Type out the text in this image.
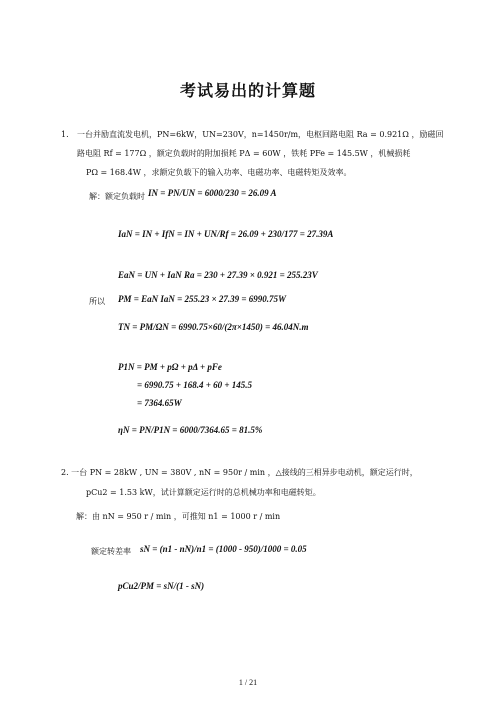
考试易出的计算题
1. 一台并励直流发电机，PN=6kW，UN=230V，n=1450r/m，电枢回路电阻 Ra = 0.921Ω ，励磁回
路电阻 Rf = 177Ω ，额定负载时的附加损耗 PΔ = 60W ，铁耗 PFe = 145.5W ，机械损耗
PΩ = 168.4W ，求额定负载下的输入功率、电磁功率、电磁转矩及效率。
解：额定负载时 IN = PN/UN = 6000/230 = 26.09 A
IaN = IN + IfN = IN + UN/Rf = 26.09 + 230/177 = 27.39A
EaN = UN + IaN Ra = 230 + 27.39 × 0.921 = 255.23V
所以 PM = EaN IaN = 255.23 × 27.39 = 6990.75W
TN = PM/ΩN = 6990.75×60/(2π×1450) = 46.04N.m
P1N = PM + pΩ + pΔ + pFe
= 6990.75 + 168.4 + 60 + 145.5
= 7364.65W
ηN = PN/P1N = 6000/7364.65 = 81.5%
2. 一台 PN = 28kW , UN = 380V , nN = 950r / min ，△接线的三相异步电动机，额定运行时，
pCu2 = 1.53 kW，试计算额定运行时的总机械功率和电磁转矩。
解：由 nN = 950 r / min ，可推知 n1 = 1000 r / min
额定转差率 sN = (n1 - nN)/n1 = (1000 - 950)/1000 = 0.05
pCu2/PM = sN/(1 - sN)
1 / 21
